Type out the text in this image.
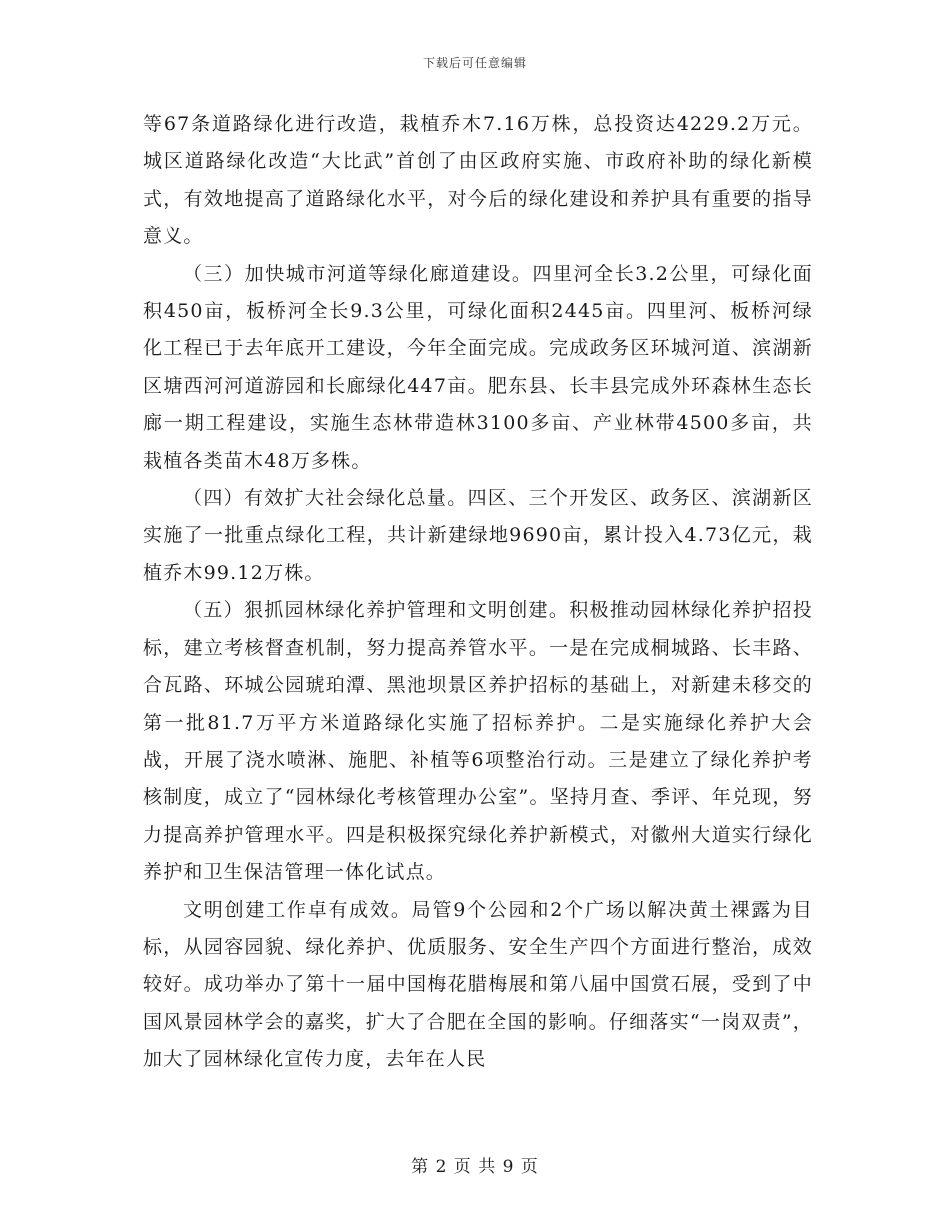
下载后可任意编辑

等67条道路绿化进行改造，栽植乔木7.16万株，总投资达4229.2万元。城区道路绿化改造“大比武”首创了由区政府实施、市政府补助的绿化新模式，有效地提高了道路绿化水平，对今后的绿化建设和养护具有重要的指导意义。

（三）加快城市河道等绿化廊道建设。四里河全长3.2公里，可绿化面积450亩，板桥河全长9.3公里，可绿化面积2445亩。四里河、板桥河绿化工程已于去年底开工建设，今年全面完成。完成政务区环城河道、滨湖新区塘西河河道游园和长廊绿化447亩。肥东县、长丰县完成外环森林生态长廊一期工程建设，实施生态林带造林3100多亩、产业林带4500多亩，共栽植各类苗木48万多株。

（四）有效扩大社会绿化总量。四区、三个开发区、政务区、滨湖新区实施了一批重点绿化工程，共计新建绿地9690亩，累计投入4.73亿元，栽植乔木99.12万株。

（五）狠抓园林绿化养护管理和文明创建。积极推动园林绿化养护招投标，建立考核督查机制，努力提高养管水平。一是在完成桐城路、长丰路、合瓦路、环城公园琥珀潭、黑池坝景区养护招标的基础上，对新建未移交的第一批81.7万平方米道路绿化实施了招标养护。二是实施绿化养护大会战，开展了浇水喷淋、施肥、补植等6项整治行动。三是建立了绿化养护考核制度，成立了“园林绿化考核管理办公室”。坚持月查、季评、年兑现，努力提高养护管理水平。四是积极探究绿化养护新模式，对徽州大道实行绿化养护和卫生保洁管理一体化试点。

文明创建工作卓有成效。局管9个公园和2个广场以解决黄土裸露为目标，从园容园貌、绿化养护、优质服务、安全生产四个方面进行整治，成效较好。成功举办了第十一届中国梅花腊梅展和第八届中国赏石展，受到了中国风景园林学会的嘉奖，扩大了合肥在全国的影响。仔细落实“一岗双责”，加大了园林绿化宣传力度，去年在人民

第 2 页 共 9 页
